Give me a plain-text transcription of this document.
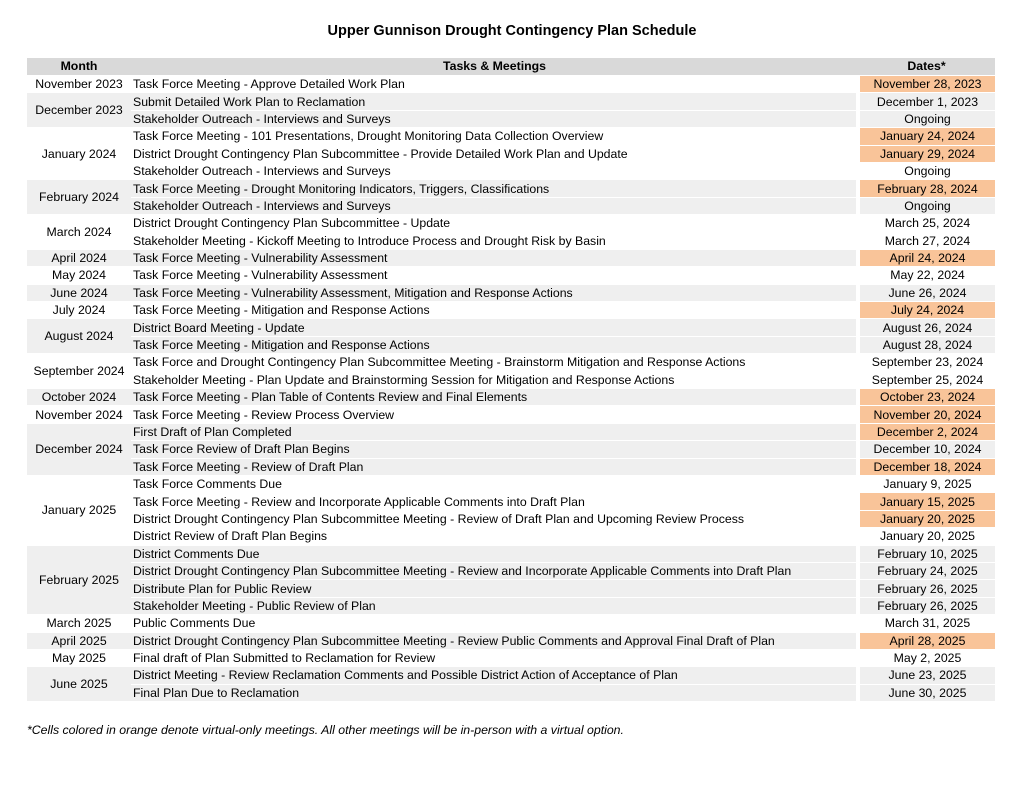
Upper Gunnison Drought Contingency Plan Schedule
Month	Tasks & Meetings	Dates*
November 2023	Task Force Meeting - Approve Detailed Work Plan	November 28, 2023
December 2023	Submit Detailed Work Plan to Reclamation	December 1, 2023
	Stakeholder Outreach - Interviews and Surveys	Ongoing
January 2024	Task Force Meeting - 101 Presentations, Drought Monitoring Data Collection Overview	January 24, 2024
	District Drought Contingency Plan Subcommittee - Provide Detailed Work Plan and Update	January 29, 2024
	Stakeholder Outreach - Interviews and Surveys	Ongoing
February 2024	Task Force Meeting - Drought Monitoring Indicators, Triggers, Classifications	February 28, 2024
	Stakeholder Outreach - Interviews and Surveys	Ongoing
March 2024	District Drought Contingency Plan Subcommittee - Update	March 25, 2024
	Stakeholder Meeting - Kickoff Meeting to Introduce Process and Drought Risk by Basin	March 27, 2024
April 2024	Task Force Meeting - Vulnerability Assessment	April 24, 2024
May 2024	Task Force Meeting - Vulnerability Assessment	May 22, 2024
June 2024	Task Force Meeting - Vulnerability Assessment, Mitigation and Response Actions	June 26, 2024
July 2024	Task Force Meeting - Mitigation and Response Actions	July 24, 2024
August 2024	District Board Meeting - Update	August 26, 2024
	Task Force Meeting - Mitigation and Response Actions	August 28, 2024
September 2024	Task Force and Drought Contingency Plan Subcommittee Meeting - Brainstorm Mitigation and Response Actions	September 23, 2024
	Stakeholder Meeting - Plan Update and Brainstorming Session for Mitigation and Response Actions	September 25, 2024
October 2024	Task Force Meeting - Plan Table of Contents Review and Final Elements	October 23, 2024
November 2024	Task Force Meeting - Review Process Overview	November 20, 2024
December 2024	First Draft of Plan Completed	December 2, 2024
	Task Force Review of Draft Plan Begins	December 10, 2024
	Task Force Meeting - Review of Draft Plan	December 18, 2024
January 2025	Task Force Comments Due	January 9, 2025
	Task Force Meeting - Review and Incorporate Applicable Comments into Draft Plan	January 15, 2025
	District Drought Contingency Plan Subcommittee Meeting - Review of Draft Plan and Upcoming Review Process	January 20, 2025
	District Review of Draft Plan Begins	January 20, 2025
February 2025	District Comments Due	February 10, 2025
	District Drought Contingency Plan Subcommittee Meeting - Review and Incorporate Applicable Comments into Draft Plan	February 24, 2025
	Distribute Plan for Public Review	February 26, 2025
	Stakeholder Meeting - Public Review of Plan	February 26, 2025
March 2025	Public Comments Due	March 31, 2025
April 2025	District Drought Contingency Plan Subcommittee Meeting - Review Public Comments and Approval Final Draft of Plan	April 28, 2025
May 2025	Final draft of Plan Submitted to Reclamation for Review	May 2, 2025
June 2025	District Meeting - Review Reclamation Comments and Possible District Action of Acceptance of Plan	June 23, 2025
	Final Plan Due to Reclamation	June 30, 2025
*Cells colored in orange denote virtual-only meetings. All other meetings will be in-person with a virtual option.
